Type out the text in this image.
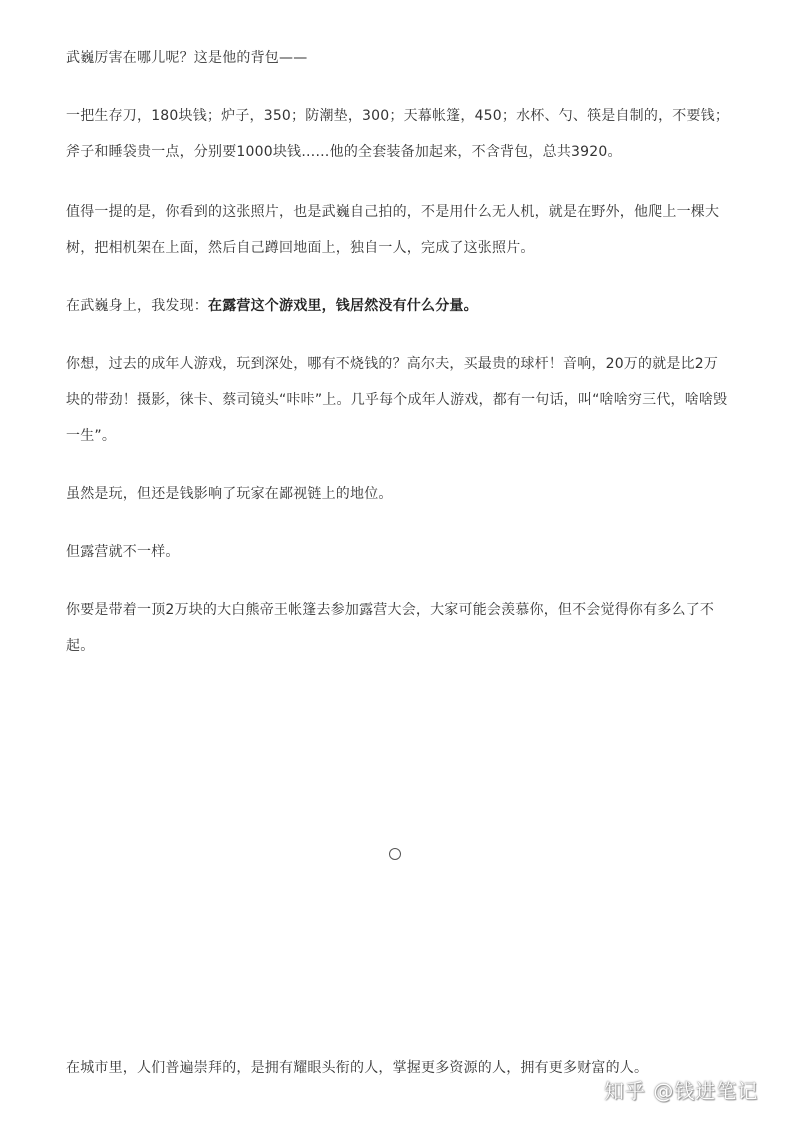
武巍厉害在哪儿呢？这是他的背包——

一把生存刀，180块钱；炉子，350；防潮垫，300；天幕帐篷，450；水杯、勺、筷是自制的，不要钱；斧子和睡袋贵一点，分别要1000块钱……他的全套装备加起来，不含背包，总共3920。

值得一提的是，你看到的这张照片，也是武巍自己拍的，不是用什么无人机，就是在野外，他爬上一棵大树，把相机架在上面，然后自己蹲回地面上，独自一人，完成了这张照片。

在武巍身上，我发现：在露营这个游戏里，钱居然没有什么分量。

你想，过去的成年人游戏，玩到深处，哪有不烧钱的？高尔夫，买最贵的球杆！音响，20万的就是比2万块的带劲！摄影，徕卡、蔡司镜头“咔咔”上。几乎每个成年人游戏，都有一句话，叫“啥啥穷三代，啥啥毁一生”。

虽然是玩，但还是钱影响了玩家在鄙视链上的地位。

但露营就不一样。

你要是带着一顶2万块的大白熊帝王帐篷去参加露营大会，大家可能会羡慕你，但不会觉得你有多么了不起。

在城市里，人们普遍崇拜的，是拥有耀眼头衔的人，掌握更多资源的人，拥有更多财富的人。

知乎 @钱进笔记
